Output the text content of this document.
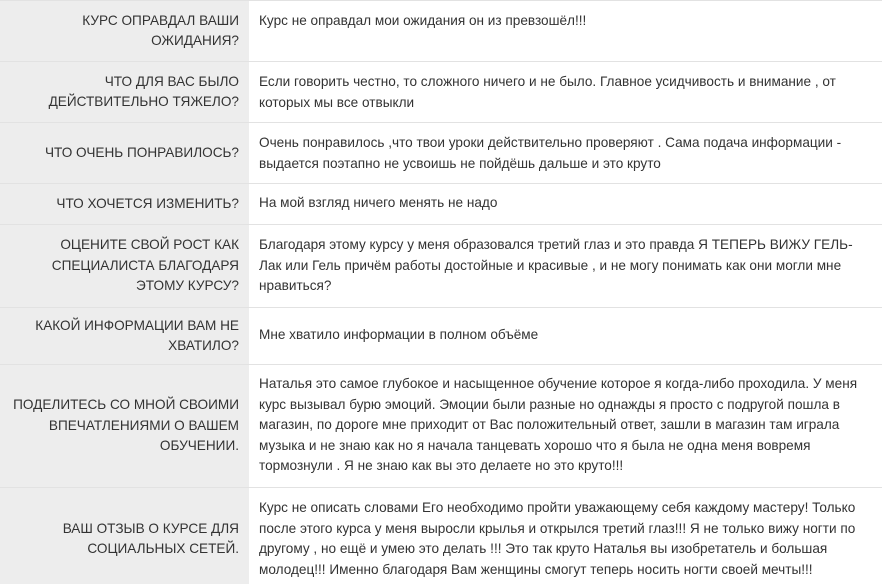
КУРС ОПРАВДАЛ ВАШИ ОЖИДАНИЯ?
Курс не оправдал мои ожидания он из превзошёл!!!
ЧТО ДЛЯ ВАС БЫЛО ДЕЙСТВИТЕЛЬНО ТЯЖЕЛО?
Если говорить честно, то сложного ничего и не было. Главное усидчивость и внимание , от которых мы все отвыкли
ЧТО ОЧЕНЬ ПОНРАВИЛОСЬ?
Очень понравилось ,что твои уроки действительно проверяют . Сама подача информации - выдается поэтапно не усвоишь не пойдёшь дальше и это круто
ЧТО ХОЧЕТСЯ ИЗМЕНИТЬ?	На мой взгляд ничего менять не надо
ОЦЕНИТЕ СВОЙ РОСТ КАК СПЕЦИАЛИСТА БЛАГОДАРЯ ЭТОМУ КУРСУ?
Благодаря этому курсу у меня образовался третий глаз и это правда Я ТЕПЕРЬ ВИЖУ ГЕЛЬ- Лак или Гель причём работы достойные и красивые , и не могу понимать как они могли мне нравиться?
КАКОЙ ИНФОРМАЦИИ ВАМ НЕ ХВАТИЛО?
Мне хватило информации в полном объёме
ПОДЕЛИТЕСЬ СО МНОЙ СВОИМИ ВПЕЧАТЛЕНИЯМИ О ВАШЕМ ОБУЧЕНИИ.
Наталья это самое глубокое и насыщенное обучение которое я когда-либо проходила. У меня курс вызывал бурю эмоций. Эмоции были разные но однажды я просто с подругой пошла в магазин, по дороге мне приходит от Вас положительный ответ, зашли в магазин там играла музыка и не знаю как но я начала танцевать хорошо что я была не одна меня вовремя тормознули . Я не знаю как вы это делаете но это круто!!!
ВАШ ОТЗЫВ О КУРСЕ ДЛЯ СОЦИАЛЬНЫХ СЕТЕЙ.
Курс не описать словами Его необходимо пройти уважающему себя каждому мастеру! Только после этого курса у меня выросли крылья и открылся третий глаз!!! Я не только вижу ногти по другому , но ещё и умею это делать !!! Это так круто Наталья вы изобретатель и большая молодец!!! Именно благодаря Вам женщины смогут теперь носить ногти своей мечты!!!
